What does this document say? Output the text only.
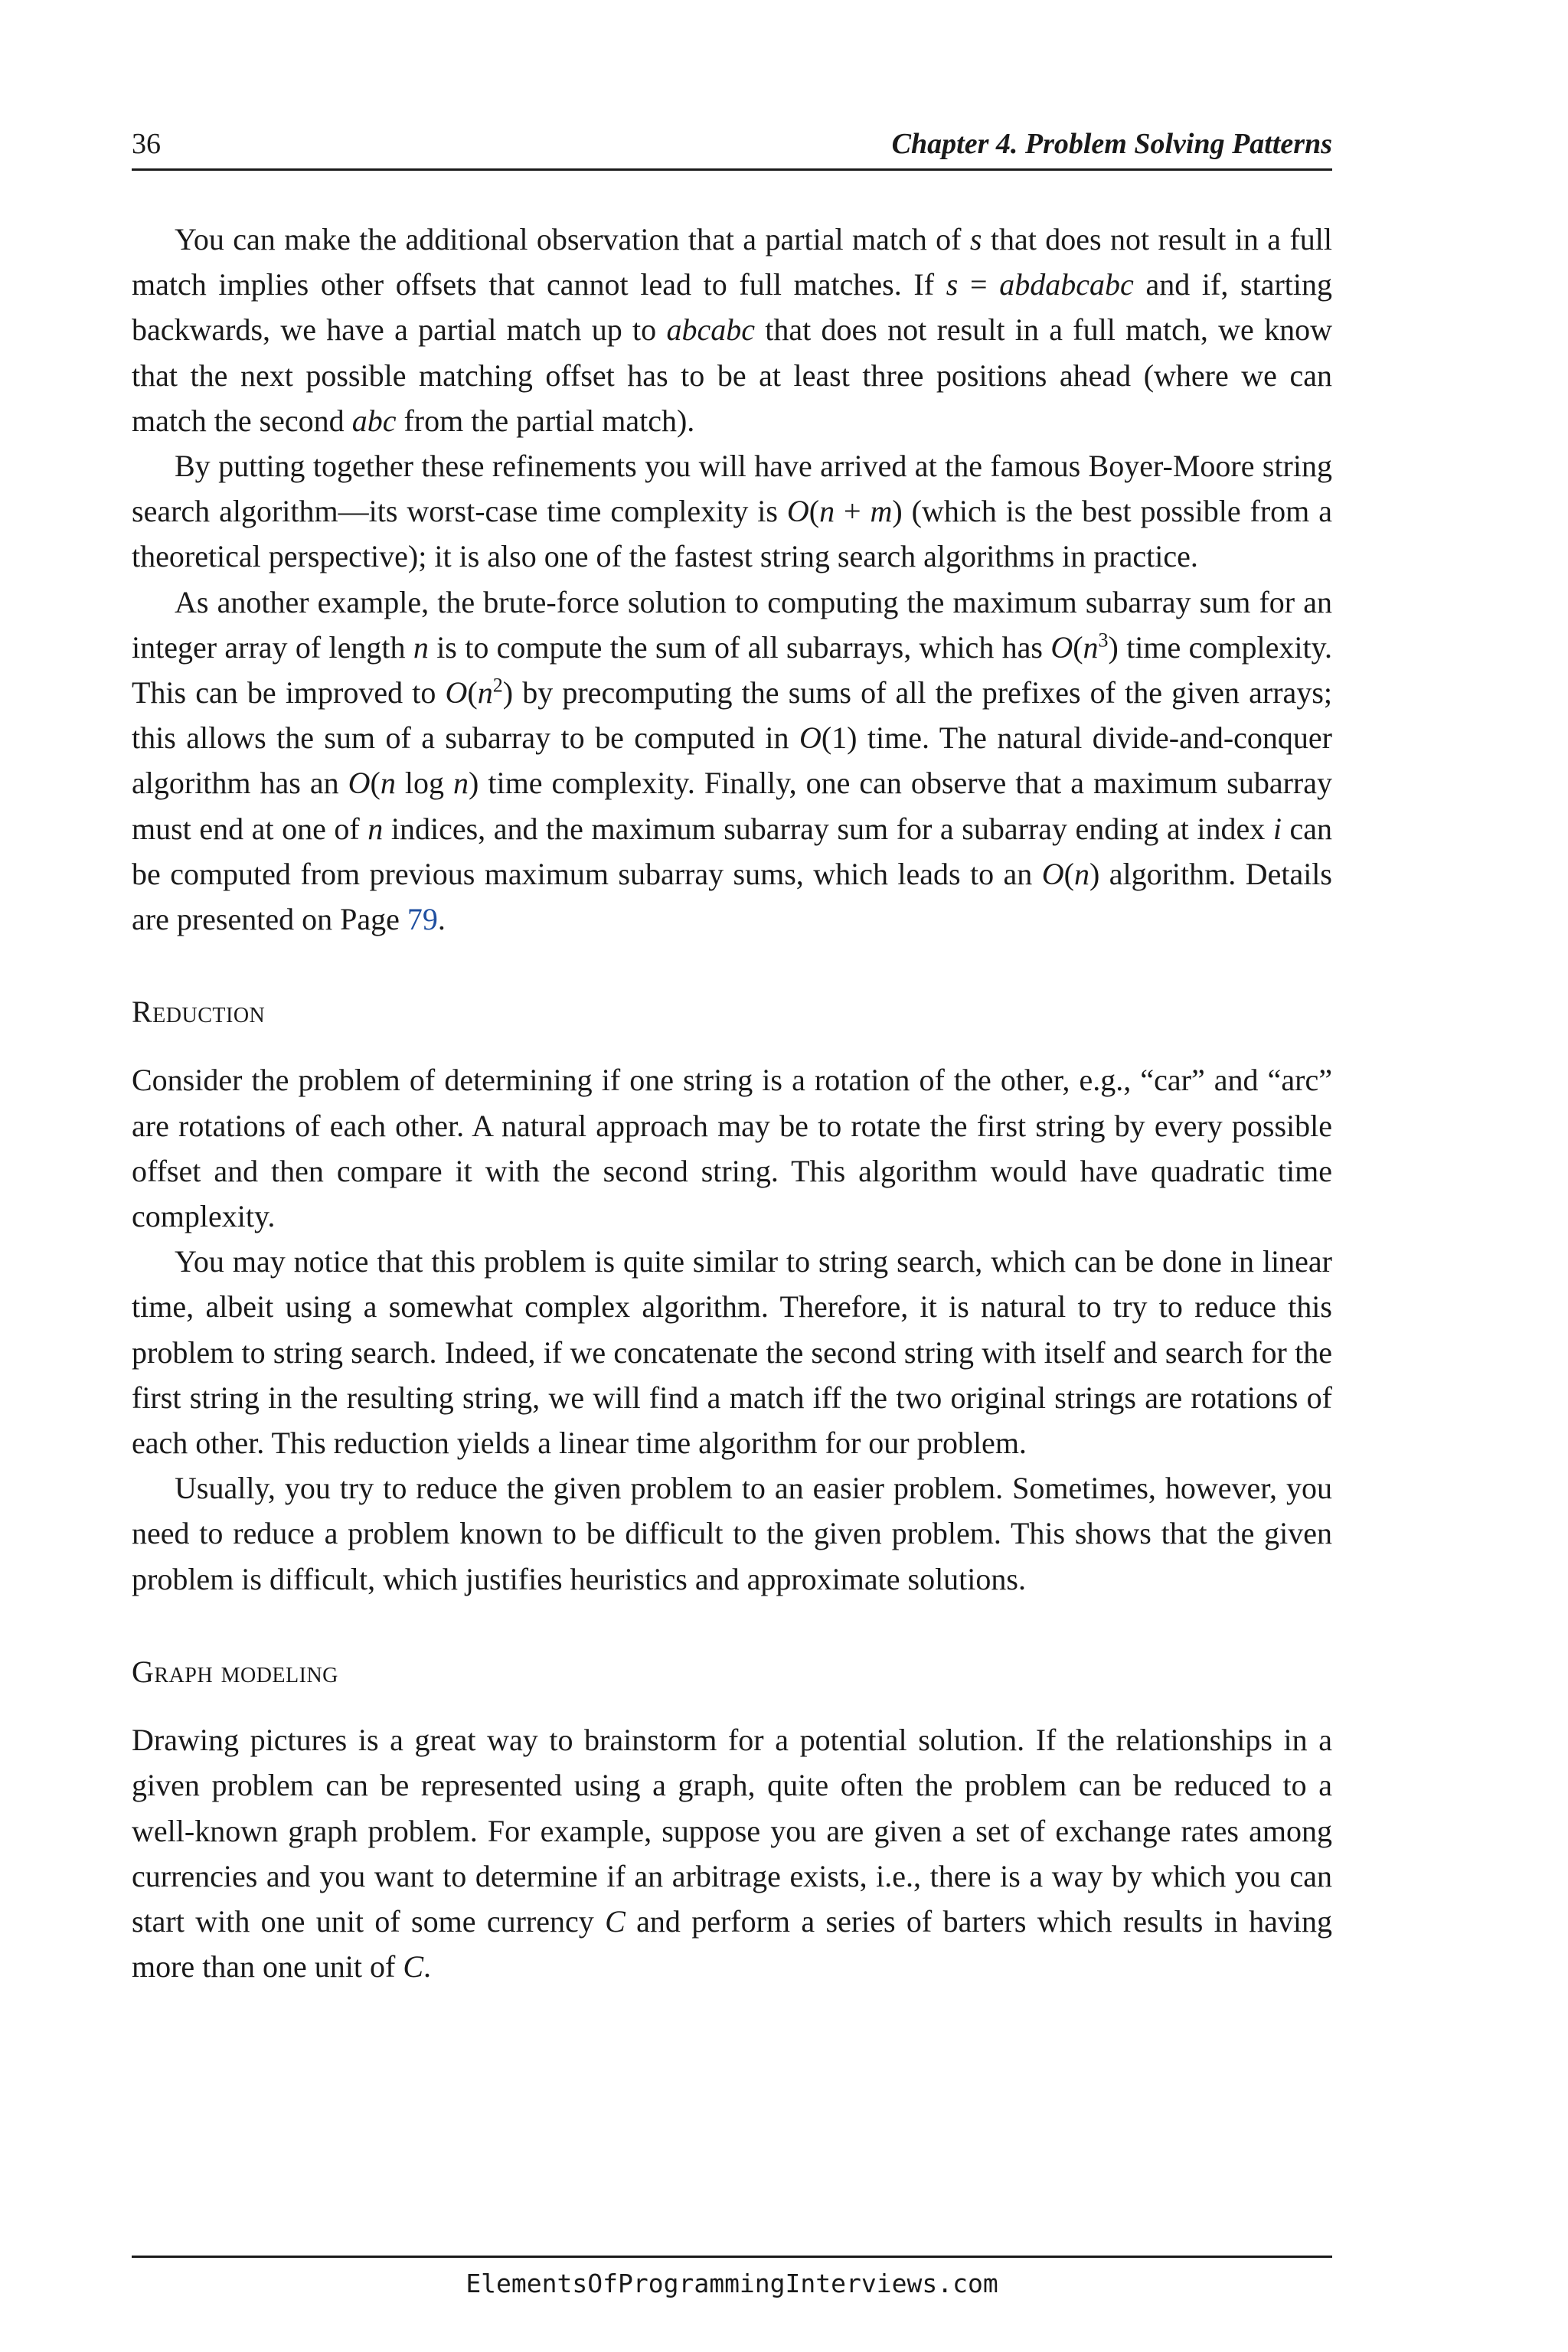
36	Chapter 4. Problem Solving Patterns

You can make the additional observation that a partial match of s that does not result in a full match implies other offsets that cannot lead to full matches. If s = abdabcabc and if, starting backwards, we have a partial match up to abcabc that does not result in a full match, we know that the next possible matching offset has to be at least three positions ahead (where we can match the second abc from the partial match).

By putting together these refinements you will have arrived at the famous Boyer-Moore string search algorithm—its worst-case time complexity is O(n + m) (which is the best possible from a theoretical perspective); it is also one of the fastest string search algorithms in practice.

As another example, the brute-force solution to computing the maximum subarray sum for an integer array of length n is to compute the sum of all subarrays, which has $O(n^3)$ time complexity. This can be improved to $O(n^2)$ by precomputing the sums of all the prefixes of the given arrays; this allows the sum of a subarray to be computed in O(1) time. The natural divide-and-conquer algorithm has an O(n log n) time complexity. Finally, one can observe that a maximum subarray must end at one of n indices, and the maximum subarray sum for a subarray ending at index i can be computed from previous maximum subarray sums, which leads to an O(n) algorithm. Details are presented on Page 79.

Reduction

Consider the problem of determining if one string is a rotation of the other, e.g., “car” and “arc” are rotations of each other. A natural approach may be to rotate the first string by every possible offset and then compare it with the second string. This algorithm would have quadratic time complexity.

You may notice that this problem is quite similar to string search, which can be done in linear time, albeit using a somewhat complex algorithm. Therefore, it is natural to try to reduce this problem to string search. Indeed, if we concatenate the second string with itself and search for the first string in the resulting string, we will find a match iff the two original strings are rotations of each other. This reduction yields a linear time algorithm for our problem.

Usually, you try to reduce the given problem to an easier problem. Sometimes, however, you need to reduce a problem known to be difficult to the given problem. This shows that the given problem is difficult, which justifies heuristics and approximate solutions.

Graph modeling

Drawing pictures is a great way to brainstorm for a potential solution. If the relationships in a given problem can be represented using a graph, quite often the problem can be reduced to a well-known graph problem. For example, suppose you are given a set of exchange rates among currencies and you want to determine if an arbitrage exists, i.e., there is a way by which you can start with one unit of some currency C and perform a series of barters which results in having more than one unit of C.

ElementsOfProgrammingInterviews.com
